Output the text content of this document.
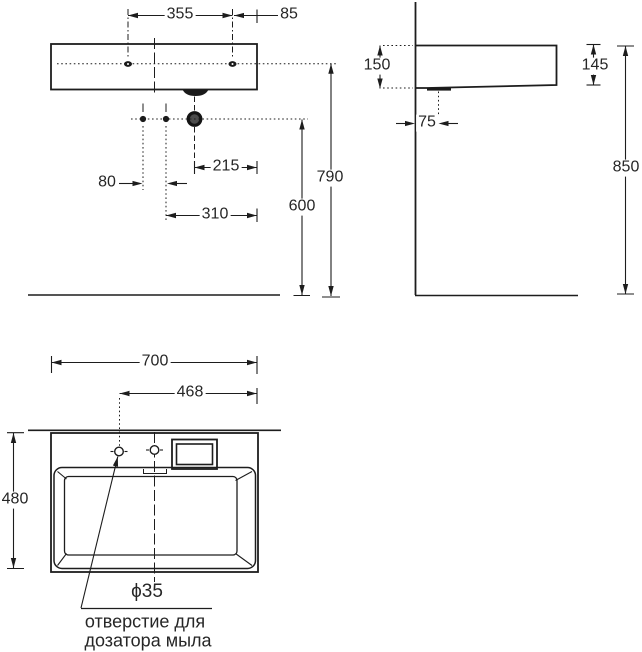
355	85
80
215
310	600
790
150
75
145
850
700
468
480
ϕ35
отверстие для
дозатора мыла
